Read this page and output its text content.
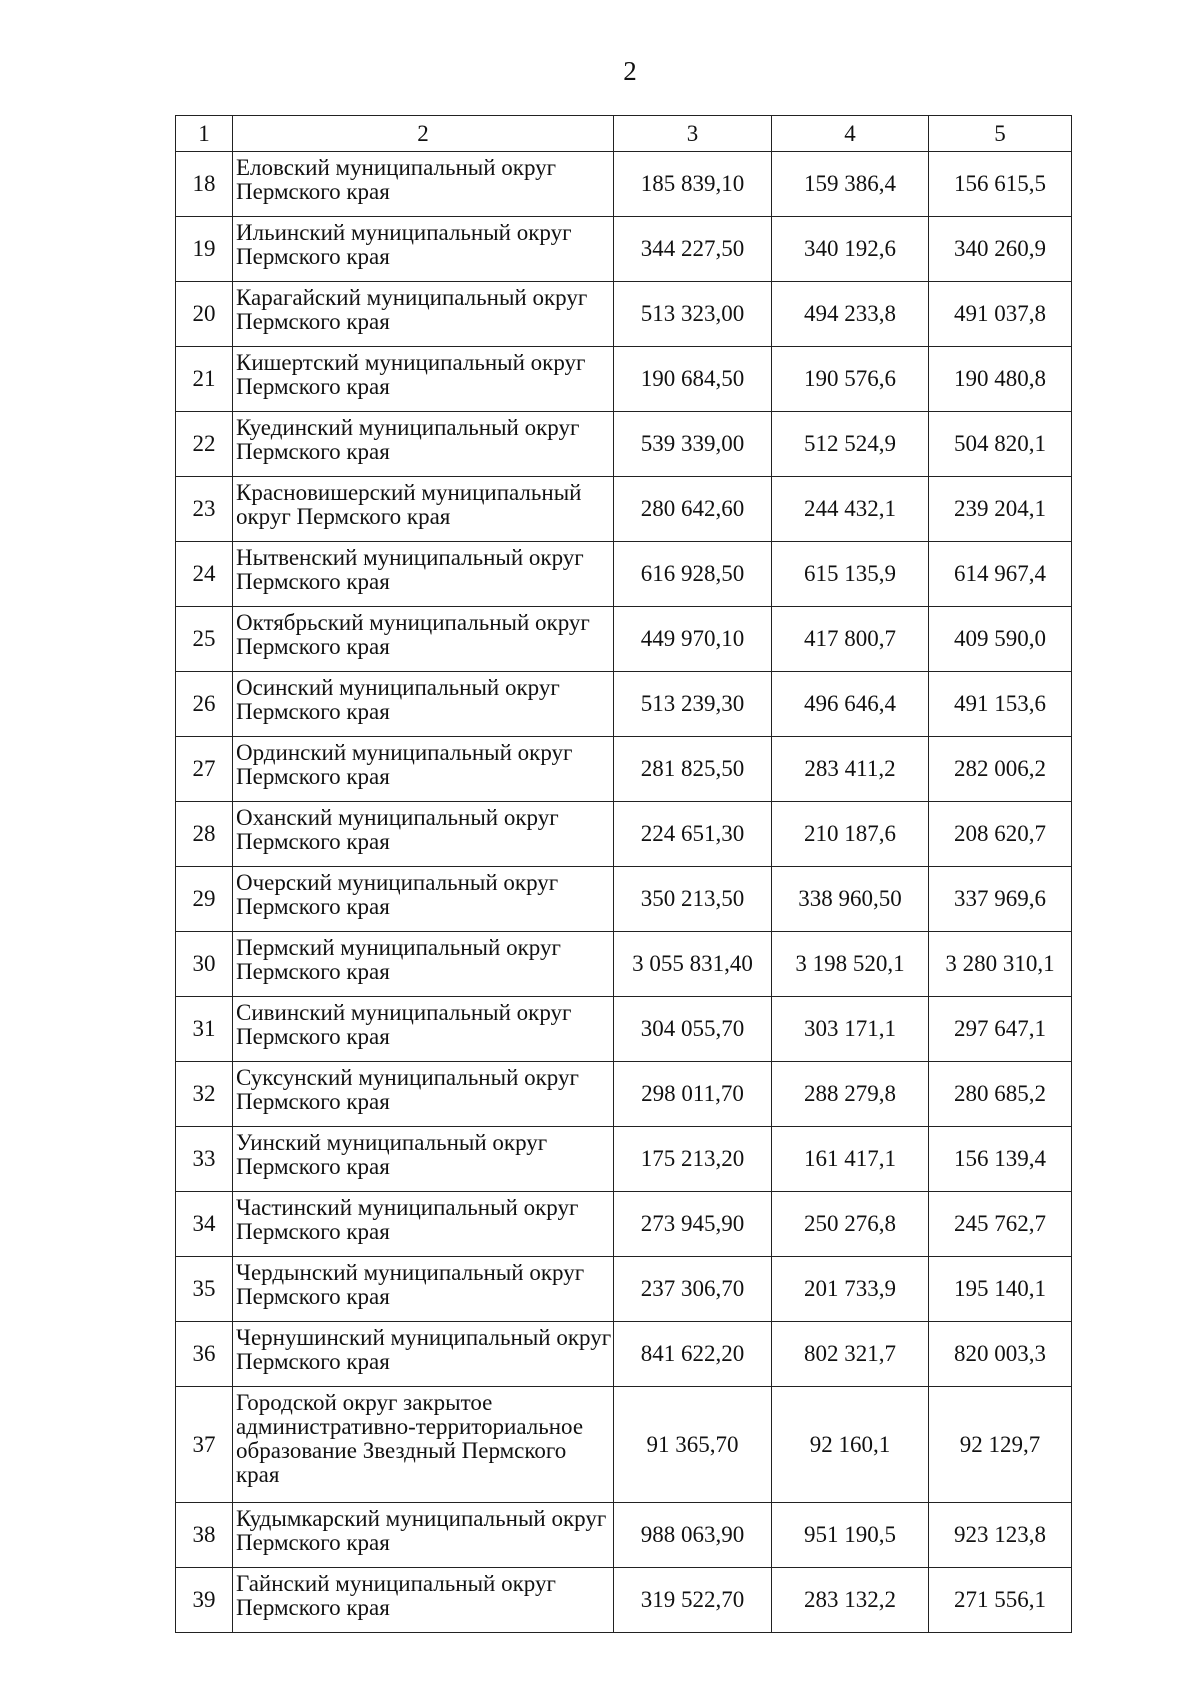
2
1	2	3	4	5
18	Еловский муниципальный округ Пермского края	185 839,10	159 386,4	156 615,5
19	Ильинский муниципальный округ Пермского края	344 227,50	340 192,6	340 260,9
20	Карагайский муниципальный округ Пермского края	513 323,00	494 233,8	491 037,8
21	Кишертский муниципальный округ Пермского края	190 684,50	190 576,6	190 480,8
22	Куединский муниципальный округ Пермского края	539 339,00	512 524,9	504 820,1
23	Красновишерский муниципальный округ Пермского края	280 642,60	244 432,1	239 204,1
24	Нытвенский муниципальный округ Пермского края	616 928,50	615 135,9	614 967,4
25	Октябрьский муниципальный округ Пермского края	449 970,10	417 800,7	409 590,0
26	Осинский муниципальный округ Пермского края	513 239,30	496 646,4	491 153,6
27	Ординский муниципальный округ Пермского края	281 825,50	283 411,2	282 006,2
28	Оханский муниципальный округ Пермского края	224 651,30	210 187,6	208 620,7
29	Очерский муниципальный округ Пермского края	350 213,50	338 960,50	337 969,6
30	Пермский муниципальный округ Пермского края	3 055 831,40	3 198 520,1	3 280 310,1
31	Сивинский муниципальный округ Пермского края	304 055,70	303 171,1	297 647,1
32	Суксунский муниципальный округ Пермского края	298 011,70	288 279,8	280 685,2
33	Уинский муниципальный округ Пермского края	175 213,20	161 417,1	156 139,4
34	Частинский муниципальный округ Пермского края	273 945,90	250 276,8	245 762,7
35	Чердынский муниципальный округ Пермского края	237 306,70	201 733,9	195 140,1
36	Чернушинский муниципальный округ Пермского края	841 622,20	802 321,7	820 003,3
37	Городской округ закрытое административно-территориальное образование Звездный Пермского края	91 365,70	92 160,1	92 129,7
38	Кудымкарский муниципальный округ Пермского края	988 063,90	951 190,5	923 123,8
39	Гайнский муниципальный округ Пермского края	319 522,70	283 132,2	271 556,1
